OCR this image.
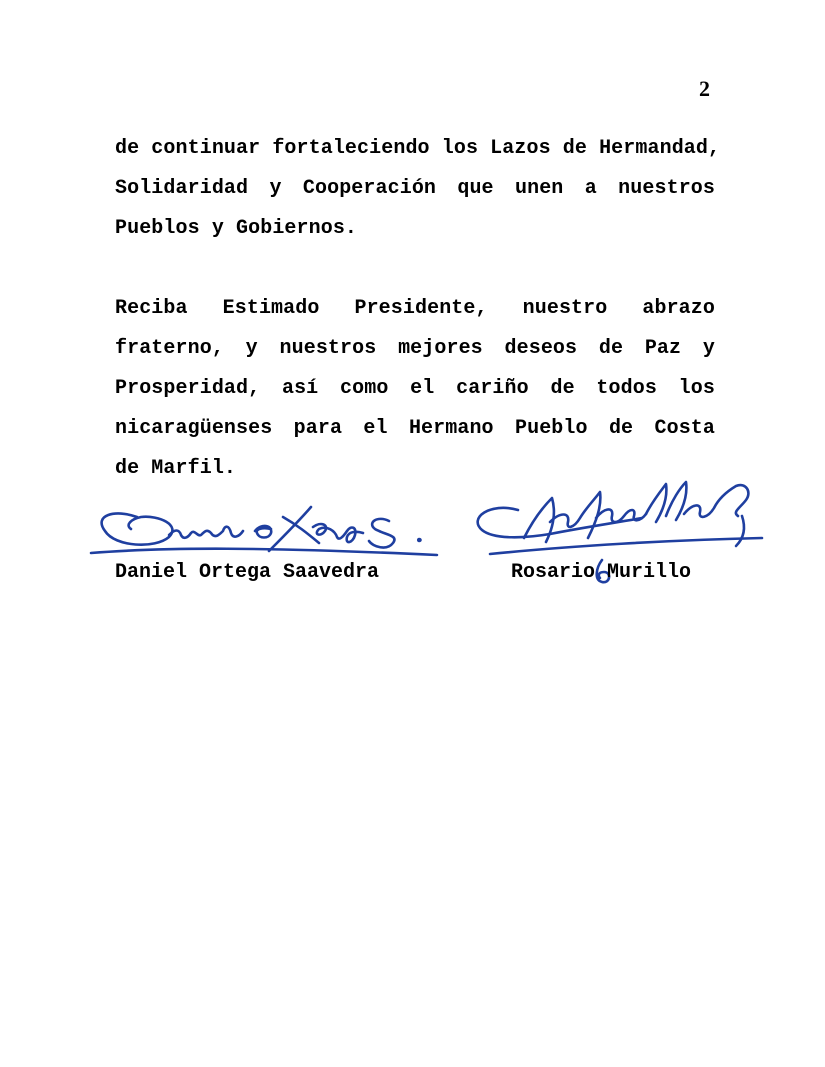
2
de continuar fortaleciendo los Lazos de Hermandad,
Solidaridad y Cooperación que unen a nuestros
Pueblos y Gobiernos.
Reciba Estimado Presidente, nuestro abrazo
fraterno, y nuestros mejores deseos de Paz y
Prosperidad, así como el cariño de todos los
nicaragüenses para el Hermano Pueblo de Costa
de Marfil.
Daniel Ortega Saavedra	Rosario Murillo
